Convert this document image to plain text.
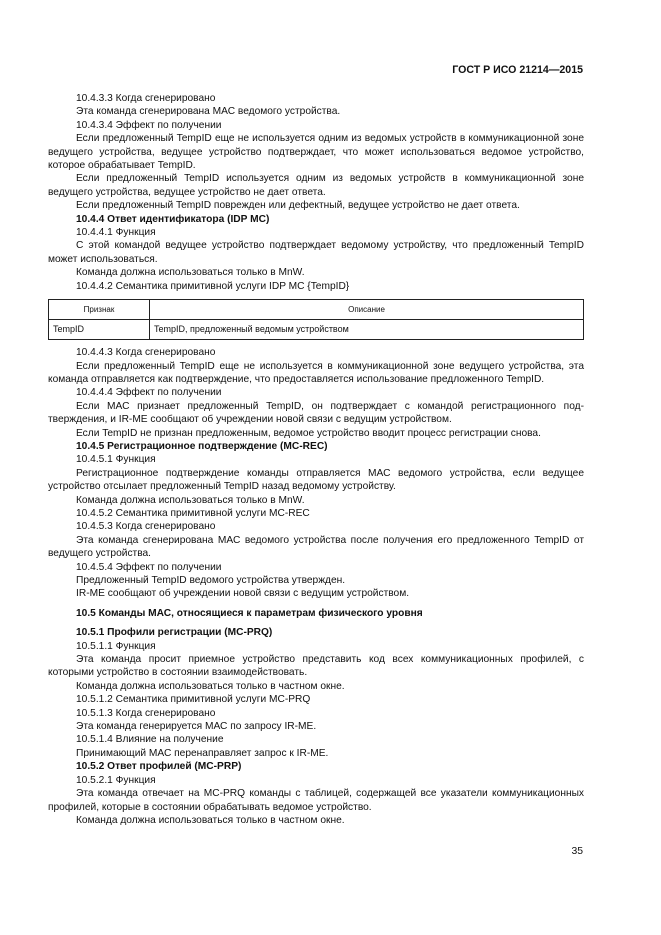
ГОСТ Р ИСО 21214—2015

10.4.3.3 Когда сгенерировано

Эта команда сгенерирована МАС ведомого устройства.

10.4.3.4 Эффект по получении

Если предложенный TempID еще не используется одним из ведомых устройств в коммуникационной зоне ведущего устройства, ведущее устройство подтверждает, что может использоваться ведомое устройство, которое обрабатывает TempID.

Если предложенный TempID используется одним из ведомых устройств в коммуникационной зоне ведущего устройства, ведущее устройство не дает ответа.

Если предложенный TempID поврежден или дефектный, ведущее устройство не дает ответа.

10.4.4 Ответ идентификатора (IDP MC)

10.4.4.1 Функция

С этой командой ведущее устройство подтверждает ведомому устройству, что предложенный TempID может использоваться.

Команда должна использоваться только в MnW.

10.4.4.2 Семантика примитивной услуги IDP MC {TempID}

Признак	Описание
TempID	TempID, предложенный ведомым устройством

10.4.4.3 Когда сгенерировано

Если предложенный TempID еще не используется в коммуникационной зоне ведущего устройства, эта команда отправляется как подтверждение, что предоставляется использование предложенного TempID.

10.4.4.4 Эффект по получении

Если МАС признает предложенный TempID, он подтверждает с командой регистрационного подтверждения, и IR-ME сообщают об учреждении новой связи с ведущим устройством.

Если TempID не признан предложенным, ведомое устройство вводит процесс регистрации снова.

10.4.5 Регистрационное подтверждение (MC-REC)

10.4.5.1 Функция

Регистрационное подтверждение команды отправляется МАС ведомого устройства, если ведущее устройство отсылает предложенный TempID назад ведомому устройству.

Команда должна использоваться только в MnW.

10.4.5.2 Семантика примитивной услуги MC-REC

10.4.5.3 Когда сгенерировано

Эта команда сгенерирована МАС ведомого устройства после получения его предложенного TempID от ведущего устройства.

10.4.5.4 Эффект по получении

Предложенный TempID ведомого устройства утвержден.

IR-ME сообщают об учреждении новой связи с ведущим устройством.

10.5 Команды МАС, относящиеся к параметрам физического уровня

10.5.1 Профили регистрации (MC-PRQ)

10.5.1.1 Функция

Эта команда просит приемное устройство представить код всех коммуникационных профилей, с которыми устройство в состоянии взаимодействовать.

Команда должна использоваться только в частном окне.

10.5.1.2 Семантика примитивной услуги MC-PRQ

10.5.1.3 Когда сгенерировано

Эта команда генерируется МАС по запросу IR-ME.

10.5.1.4 Влияние на получение

Принимающий МАС перенаправляет запрос к IR-ME.

10.5.2 Ответ профилей (MC-PRP)

10.5.2.1 Функция

Эта команда отвечает на MC-PRQ команды с таблицей, содержащей все указатели коммуникационных профилей, которые в состоянии обрабатывать ведомое устройство.

Команда должна использоваться только в частном окне.

35
